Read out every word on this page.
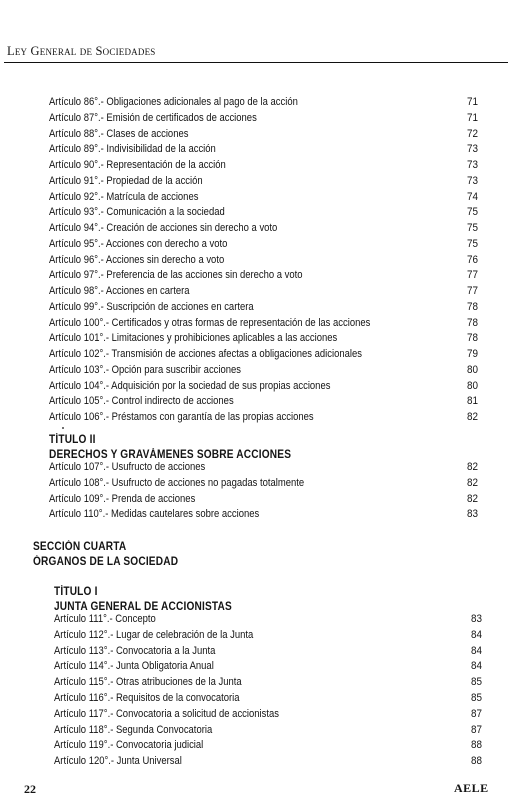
Ley General de Sociedades
TÍTULO II
DERECHOS Y GRAVÁMENES SOBRE ACCIONES
SECCIÓN CUARTA
ÓRGANOS DE LA SOCIEDAD
TÍTULO I
JUNTA GENERAL DE ACCIONISTAS
Artículo 86°.- Obligaciones adicionales al pago de la acción	71
Artículo 87°.- Emisión de certificados de acciones	71
Artículo 88°.- Clases de acciones	72
Artículo 89°.- Indivisibilidad de la acción	73
Artículo 90°.- Representación de la acción	73
Artículo 91°.- Propiedad de la acción	73
Artículo 92°.- Matrícula de acciones	74
Artículo 93°.- Comunicación a la sociedad	75
Artículo 94°.- Creación de acciones sin derecho a voto	75
Artículo 95°.- Acciones con derecho a voto	75
Artículo 96°.- Acciones sin derecho a voto	76
Artículo 97°.- Preferencia de las acciones sin derecho a voto	77
Artículo 98°.- Acciones en cartera	77
Artículo 99°.- Suscripción de acciones en cartera	78
Artículo 100°.- Certificados y otras formas de representación de las acciones	78
Artículo 101°.- Limitaciones y prohibiciones aplicables a las acciones	78
Artículo 102°.- Transmisión de acciones afectas a obligaciones adicionales	79
Artículo 103°.- Opción para suscribir acciones	80
Artículo 104°.- Adquisición por la sociedad de sus propias acciones	80
Artículo 105°.- Control indirecto de acciones	81
Artículo 106°.- Préstamos con garantía de las propias acciones	82
Artículo 107°.- Usufructo de acciones	82
Artículo 108°.- Usufructo de acciones no pagadas totalmente	82
Artículo 109°.- Prenda de acciones	82
Artículo 110°.- Medidas cautelares sobre acciones	83
Artículo 111°.- Concepto	83
Artículo 112°.- Lugar de celebración de la Junta	84
Artículo 113°.- Convocatoria a la Junta	84
Artículo 114°.- Junta Obligatoria Anual	84
Artículo 115°.- Otras atribuciones de la Junta	85
Artículo 116°.- Requisitos de la convocatoria	85
Artículo 117°.- Convocatoria a solicitud de accionistas	87
Artículo 118°.- Segunda Convocatoria	87
Artículo 119°.- Convocatoria judicial	88
Artículo 120°.- Junta Universal	88
22	AELE
